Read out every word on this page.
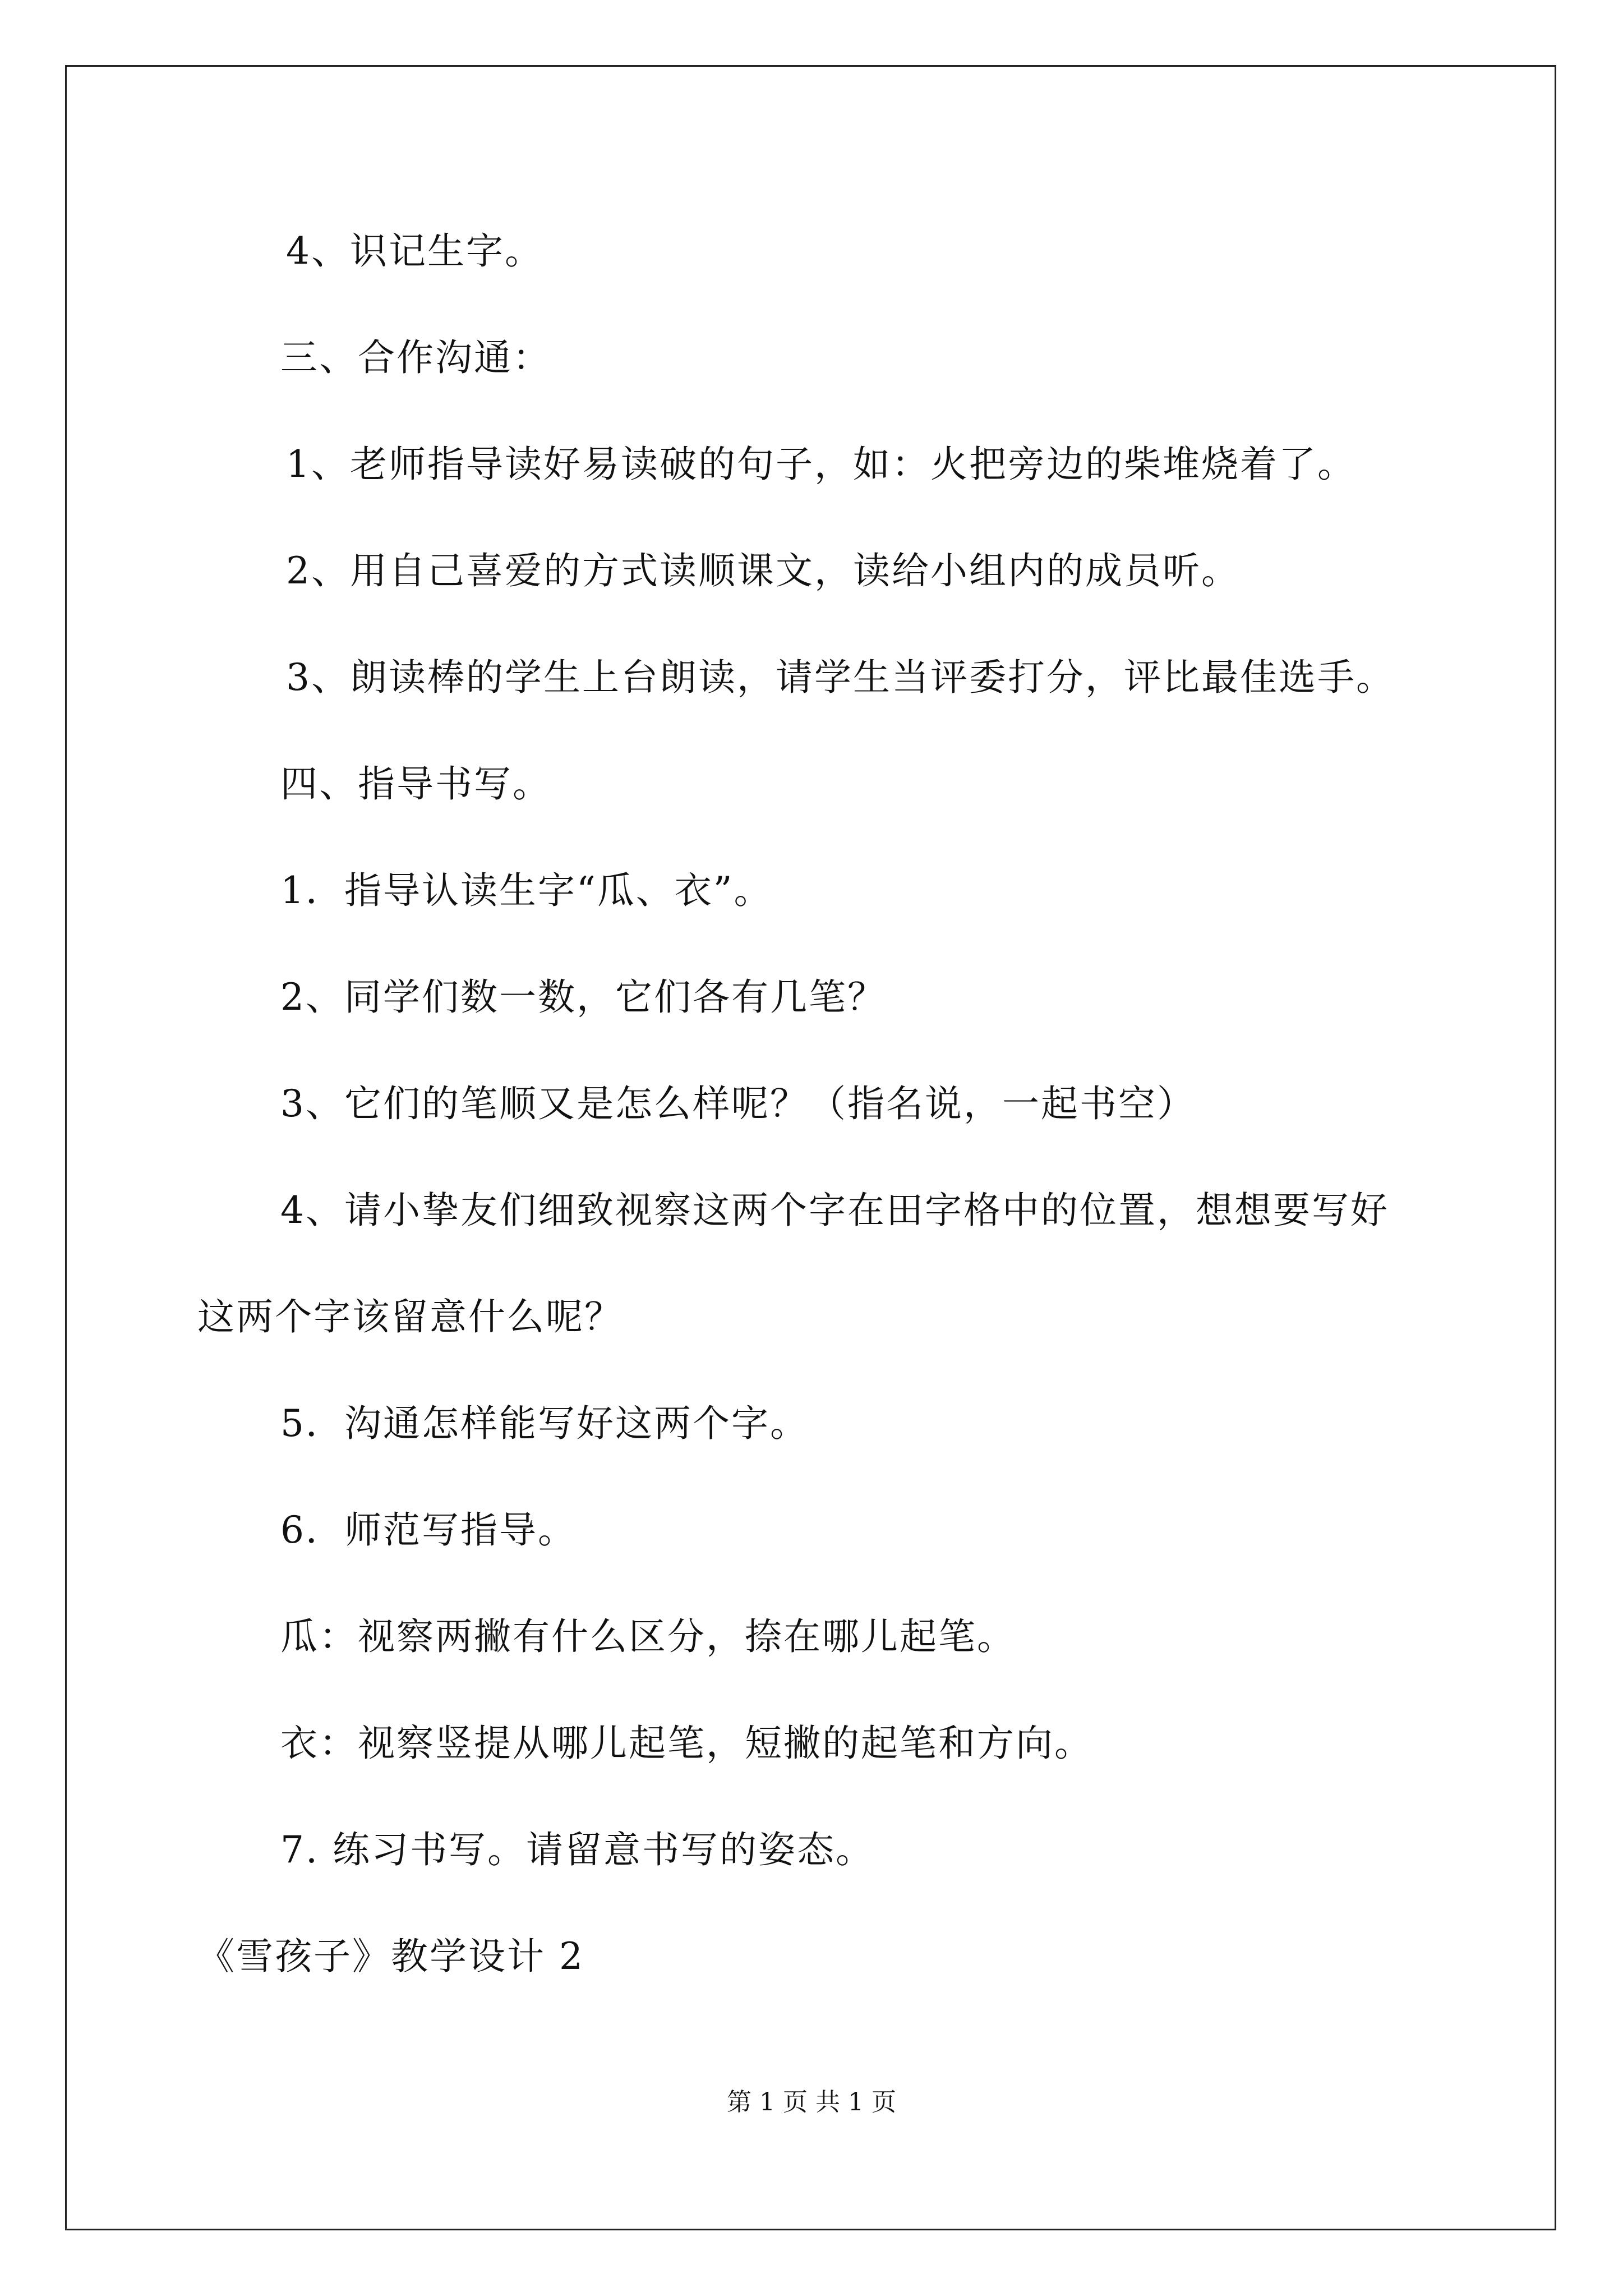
4、识记生字。
三、合作沟通：
1、老师指导读好易读破的句子，如：火把旁边的柴堆烧着了。
2、用自己喜爱的方式读顺课文，读给小组内的成员听。
3、朗读棒的学生上台朗读，请学生当评委打分，评比最佳选手。
四、指导书写。
1．指导认读生字“瓜、衣”。
2、同学们数一数，它们各有几笔？
3、它们的笔顺又是怎么样呢？（指名说，一起书空）
4、请小挚友们细致视察这两个字在田字格中的位置，想想要写好
这两个字该留意什么呢？
5．沟通怎样能写好这两个字。
6．师范写指导。
瓜：视察两撇有什么区分，捺在哪儿起笔。
衣：视察竖提从哪儿起笔，短撇的起笔和方向。
7. 练习书写。请留意书写的姿态。
《雪孩子》教学设计 2
第 1 页 共 1 页
